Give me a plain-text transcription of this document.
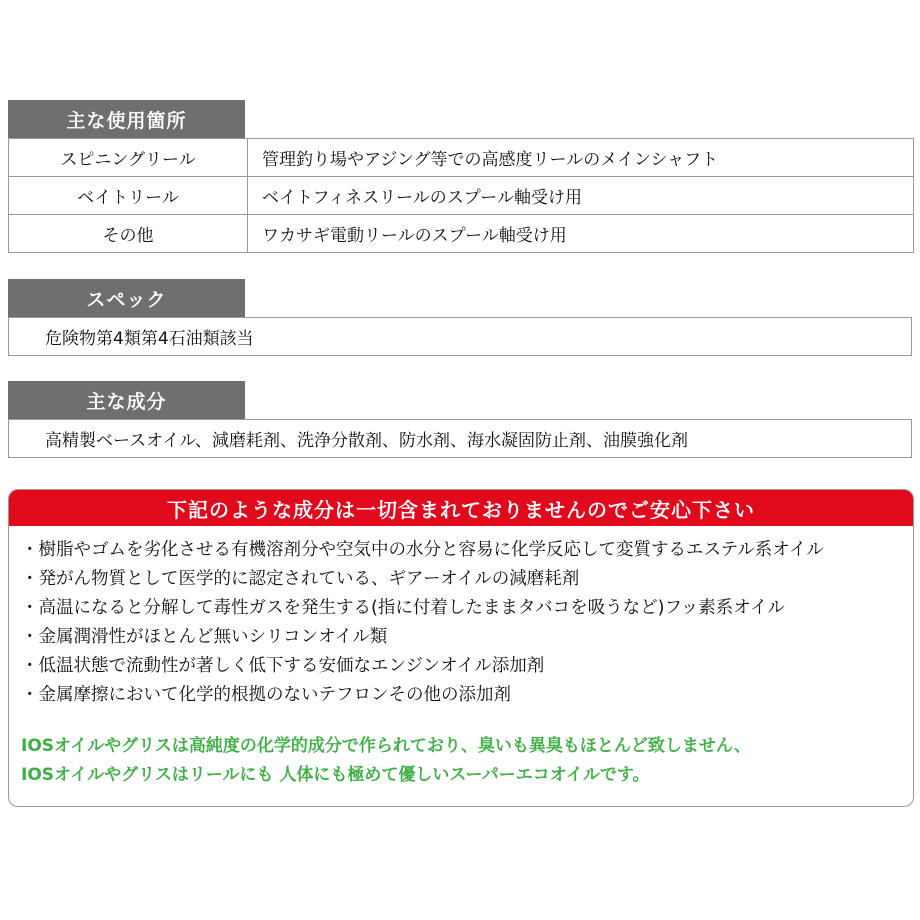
主な使用箇所
スピニングリール	管理釣り場やアジング等での高感度リールのメインシャフト
ベイトリール	ベイトフィネスリールのスプール軸受け用
その他	ワカサギ電動リールのスプール軸受け用
スペック
危険物第4類第4石油類該当
主な成分
高精製ベースオイル、減磨耗剤、洗浄分散剤、防水剤、海水凝固防止剤、油膜強化剤
下記のような成分は一切含まれておりませんのでご安心下さい
・樹脂やゴムを劣化させる有機溶剤分や空気中の水分と容易に化学反応して変質するエステル系オイル
・発がん物質として医学的に認定されている、ギアーオイルの減磨耗剤
・高温になると分解して毒性ガスを発生する(指に付着したままタバコを吸うなど)フッ素系オイル
・金属潤滑性がほとんど無いシリコンオイル類
・低温状態で流動性が著しく低下する安価なエンジンオイル添加剤
・金属摩擦において化学的根拠のないテフロンその他の添加剤
IOSオイルやグリスは高純度の化学的成分で作られており、臭いも異臭もほとんど致しません、
IOSオイルやグリスはリールにも 人体にも極めて優しいスーパーエコオイルです。
